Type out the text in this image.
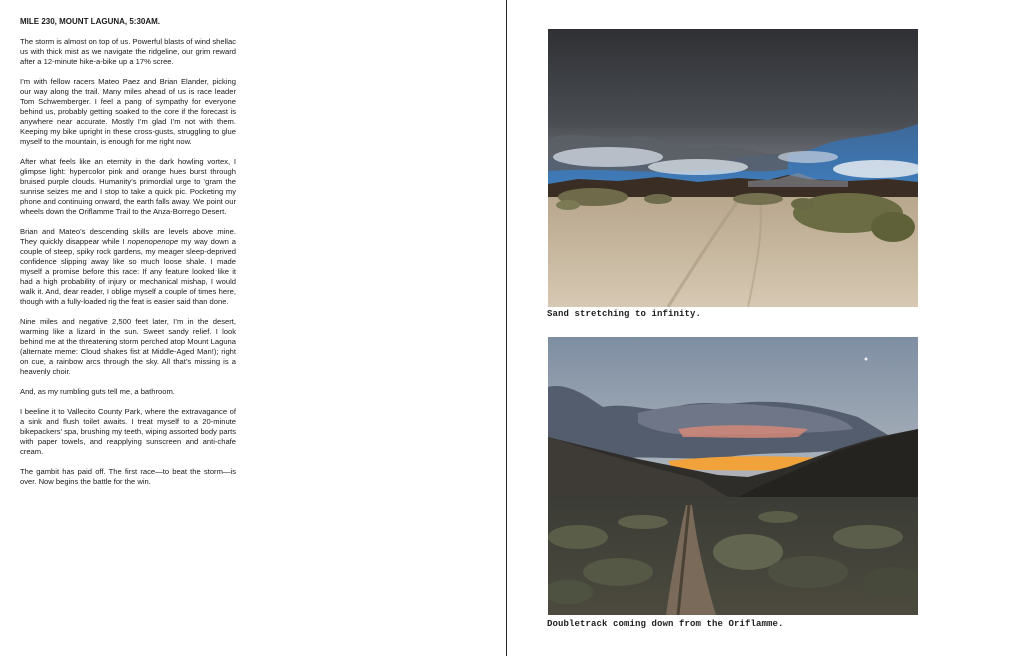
MILE 230, MOUNT LAGUNA, 5:30AM.

The storm is almost on top of us. Powerful blasts of wind shellac us with thick mist as we navigate the ridgeline, our grim reward after a 12-minute hike-a-bike up a 17% scree.

I’m with fellow racers Mateo Paez and Brian Elander, picking our way along the trail. Many miles ahead of us is race leader Tom Schwemberger. I feel a pang of sympathy for everyone behind us, probably getting soaked to the core if the forecast is anywhere near accurate. Mostly I’m glad I’m not with them. Keeping my bike upright in these cross-gusts, struggling to glue myself to the mountain, is enough for me right now.

After what feels like an eternity in the dark howling vortex, I glimpse light: hypercolor pink and orange hues burst through bruised purple clouds. Humanity’s primordial urge to ‘gram the sunrise seizes me and I stop to take a quick pic. Pocketing my phone and continuing onward, the earth falls away. We point our wheels down the Oriflamme Trail to the Anza-Borrego Desert.

Brian and Mateo’s descending skills are levels above mine. They quickly disappear while I nopenopenope my way down a couple of steep, spiky rock gardens, my meager sleep-deprived confidence slipping away like so much loose shale. I made myself a promise before this race: If any feature looked like it had a high probability of injury or mechanical mishap, I would walk it. And, dear reader, I oblige myself a couple of times here, though with a fully-loaded rig the feat is easier said than done.

Nine miles and negative 2,500 feet later, I’m in the desert, warming like a lizard in the sun. Sweet sandy relief. I look behind me at the threatening storm perched atop Mount Laguna (alternate meme: Cloud shakes fist at Middle-Aged Man!); right on cue, a rainbow arcs through the sky. All that’s missing is a heavenly choir.

And, as my rumbling guts tell me, a bathroom.

I beeline it to Vallecito County Park, where the extravagance of a sink and flush toilet awaits. I treat myself to a 20-minute bikepackers’ spa, brushing my teeth, wiping assorted body parts with paper towels, and reapplying sunscreen and anti-chafe cream.

The gambit has paid off. The first race—to beat the storm—is over. Now begins the battle for the win.

Sand stretching to infinity.
Doubletrack coming down from the Oriflamme.
